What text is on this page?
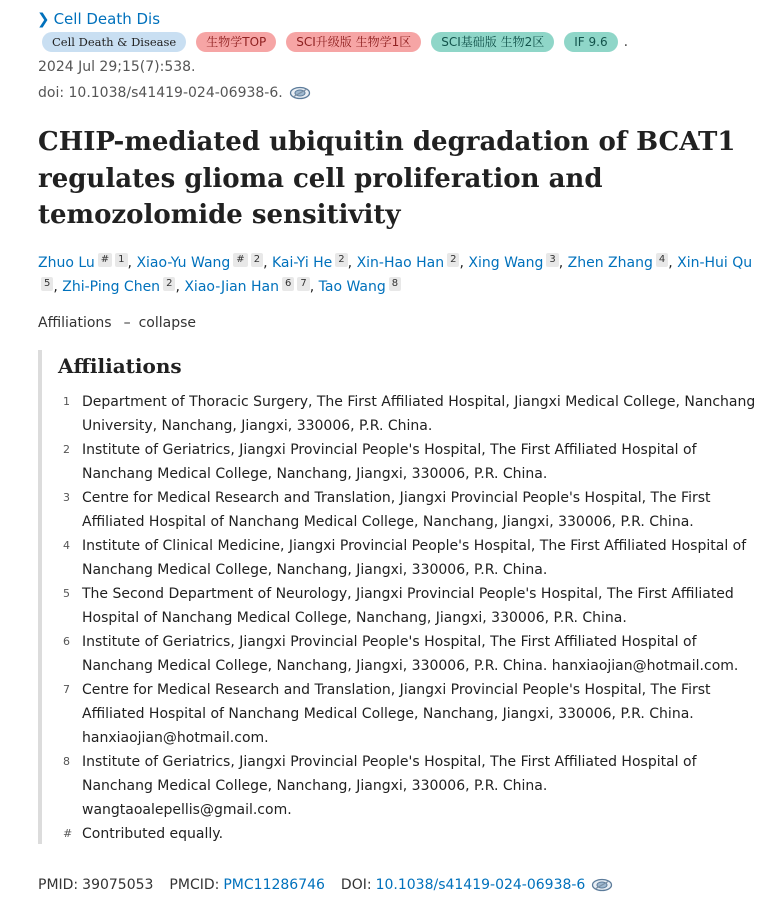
❯ Cell Death Dis
Cell Death & Disease	生物学TOP	SCI升级版 生物学1区	SCI基础版 生物2区	IF 9.6	.
2024 Jul 29;15(7):538.
doi: 10.1038/s41419-024-06938-6.
CHIP-mediated ubiquitin degradation of BCAT1 regulates glioma cell proliferation and temozolomide sensitivity
Zhuo Lu # 1 , Xiao-Yu Wang # 2 , Kai-Yi He 2 , Xin-Hao Han 2 , Xing Wang 3 , Zhen Zhang 4 , Xin-Hui Qu5 , Zhi-Ping Chen 2 , Xiao-Jian Han 6 7 , Tao Wang 8
Affiliations – collapse
Affiliations
1 Department of Thoracic Surgery, The First Affiliated Hospital, Jiangxi Medical College, Nanchang University, Nanchang, Jiangxi, 330006, P.R. China.
2 Institute of Geriatrics, Jiangxi Provincial People's Hospital, The First Affiliated Hospital of Nanchang Medical College, Nanchang, Jiangxi, 330006, P.R. China.
3 Centre for Medical Research and Translation, Jiangxi Provincial People's Hospital, The First Affiliated Hospital of Nanchang Medical College, Nanchang, Jiangxi, 330006, P.R. China.
4 Institute of Clinical Medicine, Jiangxi Provincial People's Hospital, The First Affiliated Hospital of Nanchang Medical College, Nanchang, Jiangxi, 330006, P.R. China.
5 The Second Department of Neurology, Jiangxi Provincial People's Hospital, The First Affiliated Hospital of Nanchang Medical College, Nanchang, Jiangxi, 330006, P.R. China.
6 Institute of Geriatrics, Jiangxi Provincial People's Hospital, The First Affiliated Hospital of Nanchang Medical College, Nanchang, Jiangxi, 330006, P.R. China. hanxiaojian@hotmail.com.
7 Centre for Medical Research and Translation, Jiangxi Provincial People's Hospital, The First Affiliated Hospital of Nanchang Medical College, Nanchang, Jiangxi, 330006, P.R. China. hanxiaojian@hotmail.com.
8 Institute of Geriatrics, Jiangxi Provincial People's Hospital, The First Affiliated Hospital of Nanchang Medical College, Nanchang, Jiangxi, 330006, P.R. China. wangtaoalepellis@gmail.com.
# Contributed equally.
PMID: 39075053 PMCID: PMC11286746 DOI: 10.1038/s41419-024-06938-6
